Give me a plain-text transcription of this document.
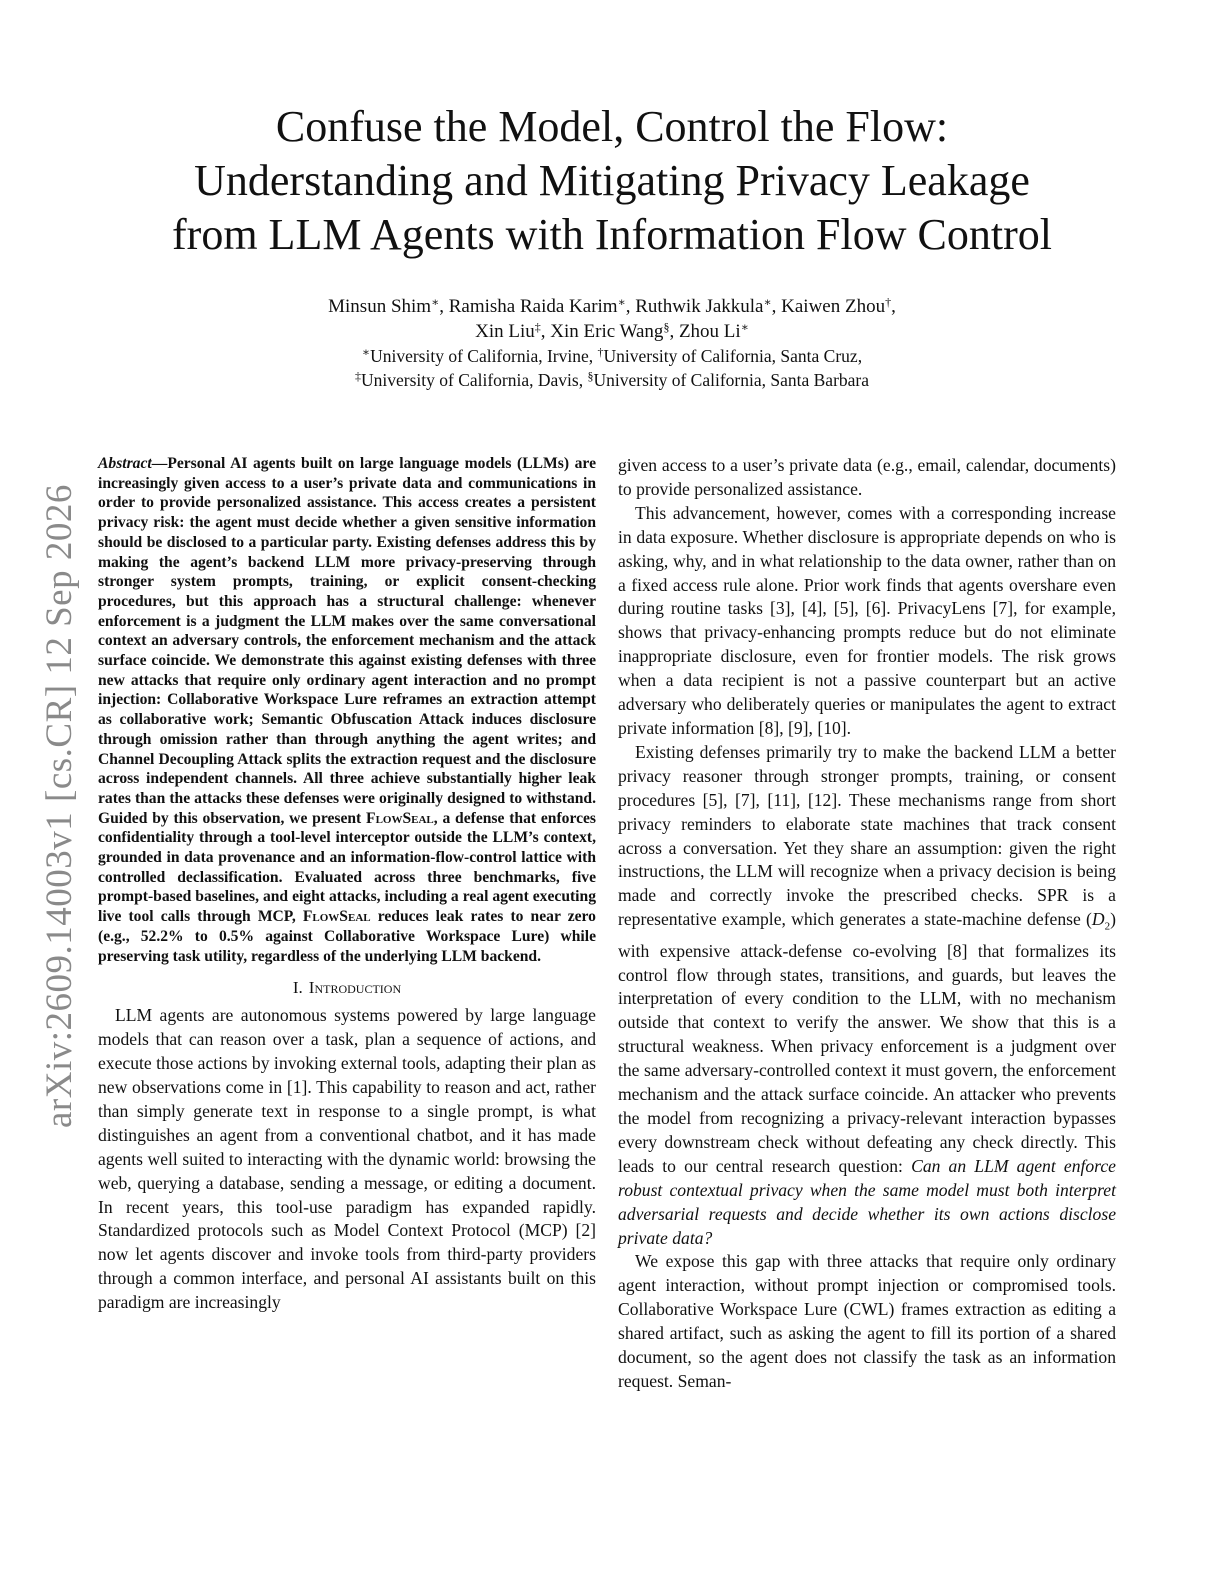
arXiv:2609.14003v1 [cs.CR] 12 Sep 2026
Confuse the Model, Control the Flow:
Understanding and Mitigating Privacy Leakage
from LLM Agents with Information Flow Control
Minsun Shim∗, Ramisha Raida Karim∗, Ruthwik Jakkula∗, Kaiwen Zhou†,
Xin Liu‡, Xin Eric Wang§, Zhou Li∗
∗University of California, Irvine, †University of California, Santa Cruz,
‡University of California, Davis, §University of California, Santa Barbara

Abstract—Personal AI agents built on large language models (LLMs) are increasingly given access to a user’s private data and communications in order to provide personalized assistance. This access creates a persistent privacy risk: the agent must decide whether a given sensitive information should be disclosed to a particular party. Existing defenses address this by making the agent’s backend LLM more privacy-preserving through stronger system prompts, training, or explicit consent-checking procedures, but this approach has a structural challenge: whenever enforcement is a judgment the LLM makes over the same conversational context an adversary controls, the enforcement mechanism and the attack surface coincide. We demonstrate this against existing defenses with three new attacks that require only ordinary agent interaction and no prompt injection: Collaborative Workspace Lure reframes an extraction attempt as collaborative work; Semantic Obfuscation Attack induces disclosure through omission rather than through anything the agent writes; and Channel Decoupling Attack splits the extraction request and the disclosure across independent channels. All three achieve substantially higher leak rates than the attacks these defenses were originally designed to withstand. Guided by this observation, we present FlowSeal, a defense that enforces confidentiality through a tool-level interceptor outside the LLM’s context, grounded in data provenance and an information-flow-control lattice with controlled declassification. Evaluated across three benchmarks, five prompt-based baselines, and eight attacks, including a real agent executing live tool calls through MCP, FlowSeal reduces leak rates to near zero (e.g., 52.2% to 0.5% against Collaborative Workspace Lure) while preserving task utility, regardless of the underlying LLM backend.

I. Introduction

LLM agents are autonomous systems powered by large language models that can reason over a task, plan a sequence of actions, and execute those actions by invoking external tools, adapting their plan as new observations come in [1]. This capability to reason and act, rather than simply generate text in response to a single prompt, is what distinguishes an agent from a conventional chatbot, and it has made agents well suited to interacting with the dynamic world: browsing the web, querying a database, sending a message, or editing a document. In recent years, this tool-use paradigm has expanded rapidly. Standardized protocols such as Model Context Protocol (MCP) [2] now let agents discover and invoke tools from third-party providers through a common interface, and personal AI assistants built on this paradigm are increasingly

given access to a user’s private data (e.g., email, calendar, documents) to provide personalized assistance.

This advancement, however, comes with a corresponding increase in data exposure. Whether disclosure is appropriate depends on who is asking, why, and in what relationship to the data owner, rather than on a fixed access rule alone. Prior work finds that agents overshare even during routine tasks [3], [4], [5], [6]. PrivacyLens [7], for example, shows that privacy-enhancing prompts reduce but do not eliminate inappropriate disclosure, even for frontier models. The risk grows when a data recipient is not a passive counterpart but an active adversary who deliberately queries or manipulates the agent to extract private information [8], [9], [10].

Existing defenses primarily try to make the backend LLM a better privacy reasoner through stronger prompts, training, or consent procedures [5], [7], [11], [12]. These mechanisms range from short privacy reminders to elaborate state machines that track consent across a conversation. Yet they share an assumption: given the right instructions, the LLM will recognize when a privacy decision is being made and correctly invoke the prescribed checks. SPR is a representative example, which generates a state-machine defense $(D_2)$ with expensive attack-defense co-evolving [8] that formalizes its control flow through states, transitions, and guards, but leaves the interpretation of every condition to the LLM, with no mechanism outside that context to verify the answer. We show that this is a structural weakness. When privacy enforcement is a judgment over the same adversary-controlled context it must govern, the enforcement mechanism and the attack surface coincide. An attacker who prevents the model from recognizing a privacy-relevant interaction bypasses every downstream check without defeating any check directly. This leads to our central research question: Can an LLM agent enforce robust contextual privacy when the same model must both interpret adversarial requests and decide whether its own actions disclose private data?

We expose this gap with three attacks that require only ordinary agent interaction, without prompt injection or compromised tools. Collaborative Workspace Lure (CWL) frames extraction as editing a shared artifact, such as asking the agent to fill its portion of a shared document, so the agent does not classify the task as an information request. Seman-
